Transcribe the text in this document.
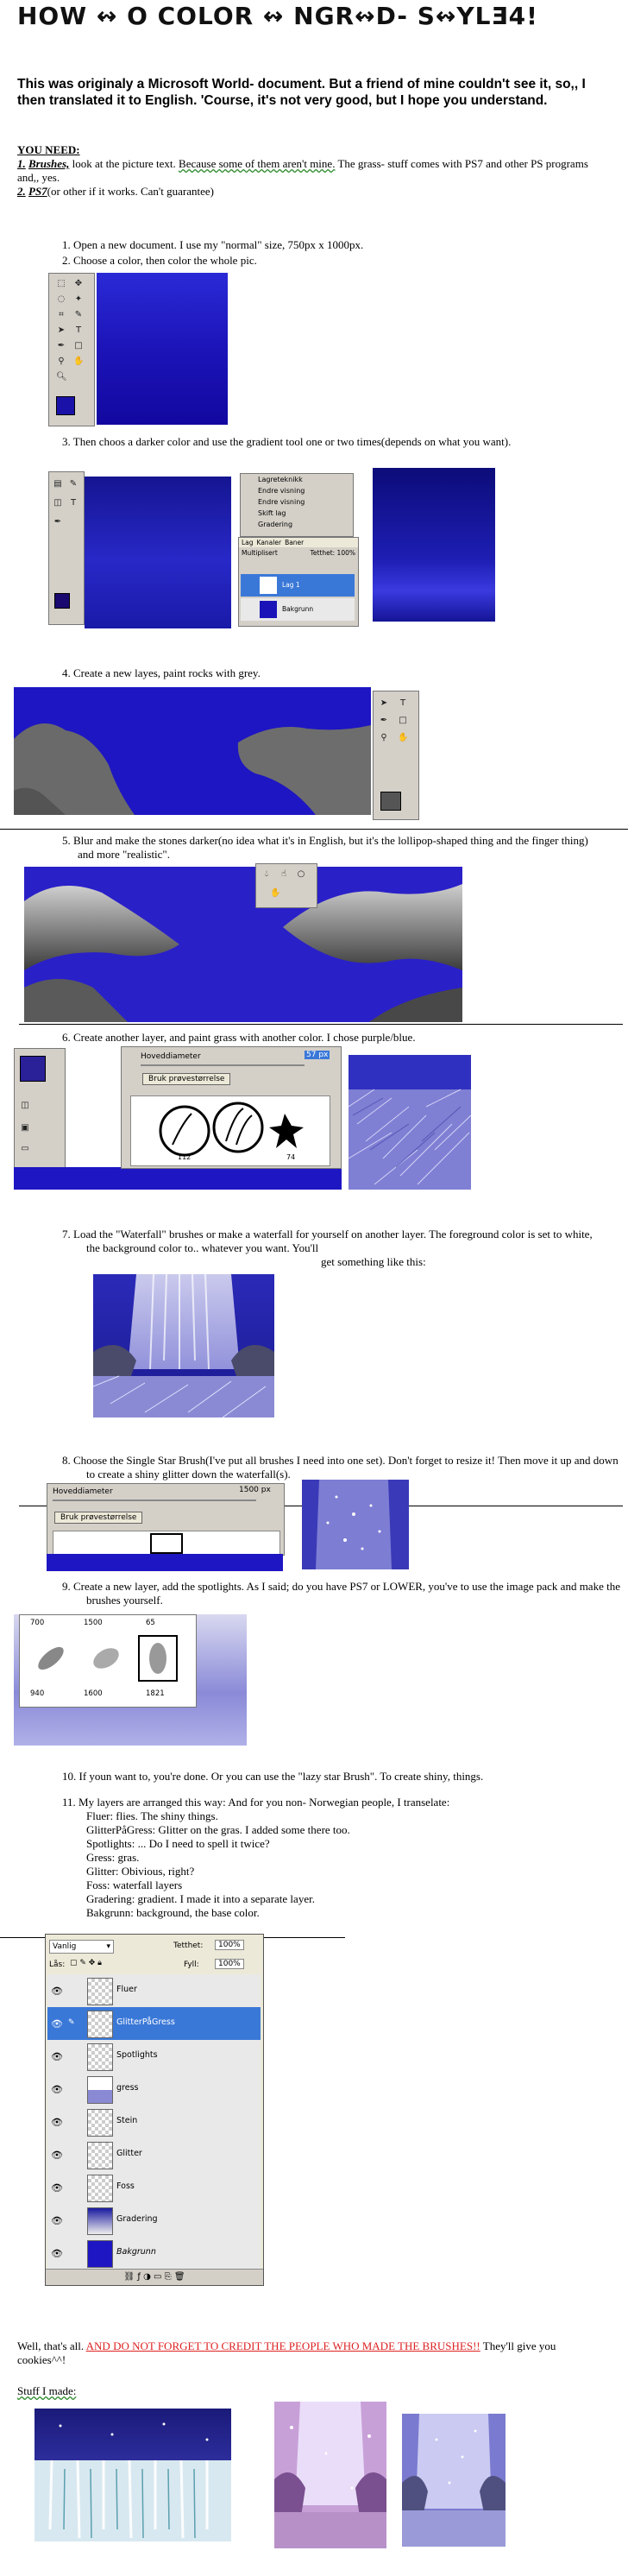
HOW ↭ O COLOR ↭ NGR↭D- S↭YLƎ4!
This was originaly a Microsoft World- document. But a friend of mine couldn't see it, so,, I then translated it to English. 'Course, it's not very good, but I hope you understand.
YOU NEED:
1. Brushes, look at the picture text. Because some of them aren't mine. The grass- stuff comes with PS7 and other PS programs and,, yes.
2. PS7(or other if it works. Can't guarantee)
1. Open a new document. I use my "normal" size, 750px x 1000px.
2. Choose a color, then color the whole pic.
⬚ ✥
◌ ✦
⌗	✎
➤ T
✒ □
⚲ ✋
🔍︎
3. Then choos a darker color and use the gradient tool one or two times(depends on what you want).
▤ ✎
◫ T
✒
Lagreteknikk
Endre visning
Endre visning
Skift lag
Gradering
Lag Kanaler Baner
Multiplisert	Tetthet: 100%
Lag 1
Bakgrunn
4. Create a new layes, paint rocks with grey.
➤ T
✒ □
⚲ ✋
5. Blur and make the stones darker(no idea what it's in English, but it's the lollipop-shaped thing and the finger thing) and more "realistic".
💧︎	☝ ○
✋
6. Create another layer, and paint grass with another color. I chose purple/blue.
◫
▣
▭
Hoveddiameter	57 px
Bruk prøvestørrelse
112	74
7. Load the "Waterfall" brushes or make a waterfall for yourself on another layer. The foreground color is set to white, the background color to.. whatever you want. You'll
get something like this:
8. Choose the Single Star Brush(I've put all brushes I need into one set). Don't forget to resize it! Then move it up and down to create a shiny glitter down the waterfall(s).
Hoveddiameter	1500 px
Bruk prøvestørrelse
9. Create a new layer, add the spotlights. As I said; do you have PS7 or LOWER, you've to use the image pack and make the brushes yourself.
700	1500	65
940	1600	1821
10. If youn want to, you're done. Or you can use the "lazy star Brush". To create shiny, things.
11. My layers are arranged this way: And for you non- Norwegian people, I transelate:
Fluer: flies. The shiny things.
GlitterPåGress: Glitter on the gras. I added some there too.
Spotlights: ... Do I need to spell it twice?
Gress: gras.
Glitter: Obivious, right?
Foss: waterfall layers
Gradering: gradient. I made it into a separate layer.
Bakgrunn: background, the base color.
Vanlig	▾	Tetthet:	100%
Lås: ▢ ✎ ✥ 🔒︎	Fyll:	100%
👁︎	Fluer
👁︎ ✎	GlitterPåGress
👁︎	Spotlights
👁︎	gress
👁︎	Stein
👁︎	Glitter
👁︎	Foss
👁︎	Gradering
👁︎	Bakgrunn
⛓ ƒ ◑ ▭ ⎘ 🗑︎
Well, that's all. AND DO NOT FORGET TO CREDIT THE PEOPLE WHO MADE THE BRUSHES!! They'll give you cookies^^!
Stuff I made:
